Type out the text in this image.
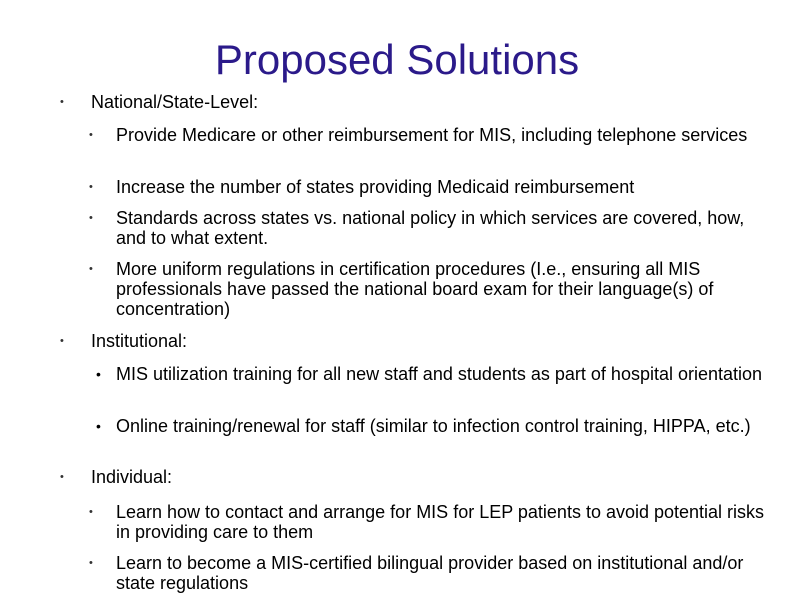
Proposed Solutions
• National/State-Level:
• Provide Medicare or other reimbursement for MIS, including telephone services
• Increase the number of states providing Medicaid reimbursement
• Standards across states vs. national policy in which services are covered, how, and to what extent.
• More uniform regulations in certification procedures (I.e., ensuring all MIS professionals have passed the national board exam for their language(s) of concentration)
• Institutional:
• MIS utilization training for all new staff and students as part of hospital orientation
• Online training/renewal for staff (similar to infection control training, HIPPA, etc.)
• Individual:
• Learn how to contact and arrange for MIS for LEP patients to avoid potential risks in providing care to them
• Learn to become a MIS-certified bilingual provider based on institutional and/or state regulations
